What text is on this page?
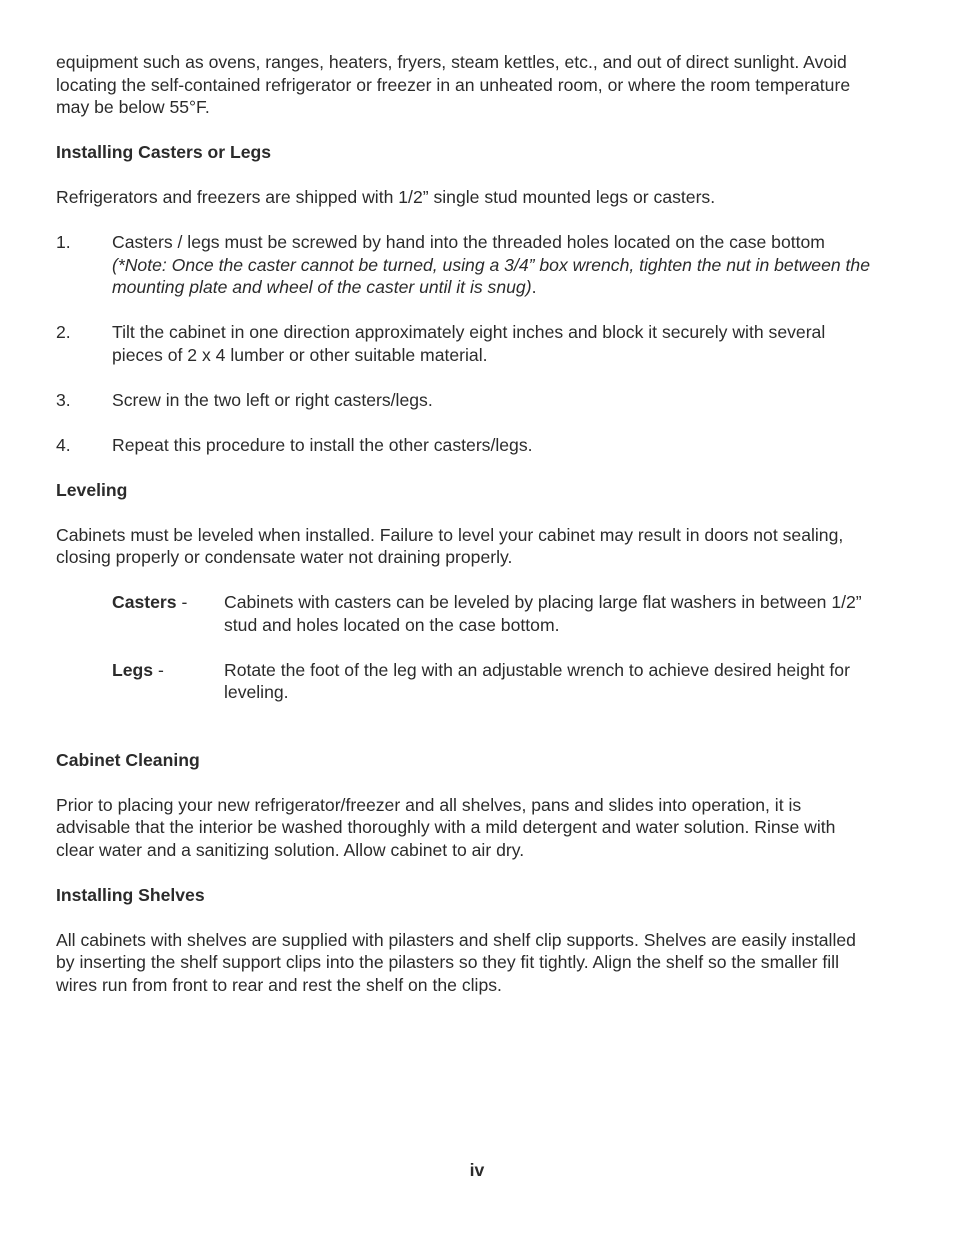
equipment such as ovens, ranges, heaters, fryers, steam kettles, etc., and out of direct sunlight. Avoid locating the self-contained refrigerator or freezer in an unheated room, or where the room temperature may be below 55°F.

Installing Casters or Legs

Refrigerators and freezers are shipped with 1/2” single stud mounted legs or casters.

1.	Casters / legs must be screwed by hand into the threaded holes located on the case bottom (*Note: Once the caster cannot be turned, using a 3/4” box wrench, tighten the nut in between the mounting plate and wheel of the caster until it is snug).
2.	Tilt the cabinet in one direction approximately eight inches and block it securely with several pieces of 2 x 4 lumber or other suitable material.
3.	Screw in the two left or right casters/legs.
4.	Repeat this procedure to install the other casters/legs.

Leveling

Cabinets must be leveled when installed. Failure to level your cabinet may result in doors not sealing, closing properly or condensate water not draining properly.

Casters -	Cabinets with casters can be leveled by placing large flat washers in between 1/2” stud and holes located on the case bottom.
Legs -	Rotate the foot of the leg with an adjustable wrench to achieve desired height for leveling.

Cabinet Cleaning

Prior to placing your new refrigerator/freezer and all shelves, pans and slides into operation, it is advisable that the interior be washed thoroughly with a mild detergent and water solution. Rinse with clear water and a sanitizing solution. Allow cabinet to air dry.

Installing Shelves

All cabinets with shelves are supplied with pilasters and shelf clip supports. Shelves are easily installed by inserting the shelf support clips into the pilasters so they fit tightly. Align the shelf so the smaller fill wires run from front to rear and rest the shelf on the clips.

iv
